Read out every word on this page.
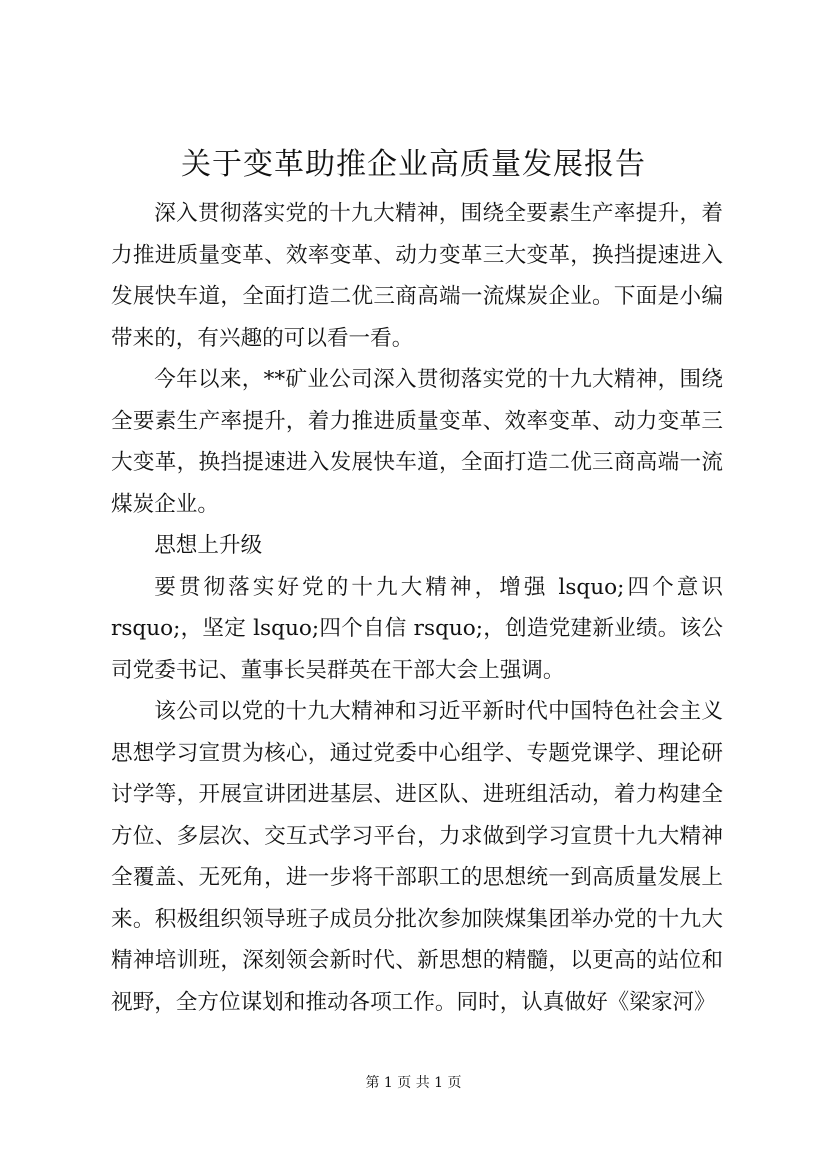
关于变革助推企业高质量发展报告

深入贯彻落实党的十九大精神，围绕全要素生产率提升，着力推进质量变革、效率变革、动力变革三大变革，换挡提速进入发展快车道，全面打造二优三商高端一流煤炭企业。下面是小编带来的，有兴趣的可以看一看。

今年以来，**矿业公司深入贯彻落实党的十九大精神，围绕全要素生产率提升，着力推进质量变革、效率变革、动力变革三大变革，换挡提速进入发展快车道，全面打造二优三商高端一流煤炭企业。

思想上升级

要贯彻落实好党的十九大精神，增强 lsquo;四个意识 rsquo;，坚定 lsquo;四个自信 rsquo;，创造党建新业绩。该公司党委书记、董事长吴群英在干部大会上强调。

该公司以党的十九大精神和习近平新时代中国特色社会主义思想学习宣贯为核心，通过党委中心组学、专题党课学、理论研讨学等，开展宣讲团进基层、进区队、进班组活动，着力构建全方位、多层次、交互式学习平台，力求做到学习宣贯十九大精神全覆盖、无死角，进一步将干部职工的思想统一到高质量发展上来。积极组织领导班子成员分批次参加陕煤集团举办党的十九大精神培训班，深刻领会新时代、新思想的精髓，以更高的站位和视野，全方位谋划和推动各项工作。同时，认真做好《梁家河》

第 1 页 共 1 页
